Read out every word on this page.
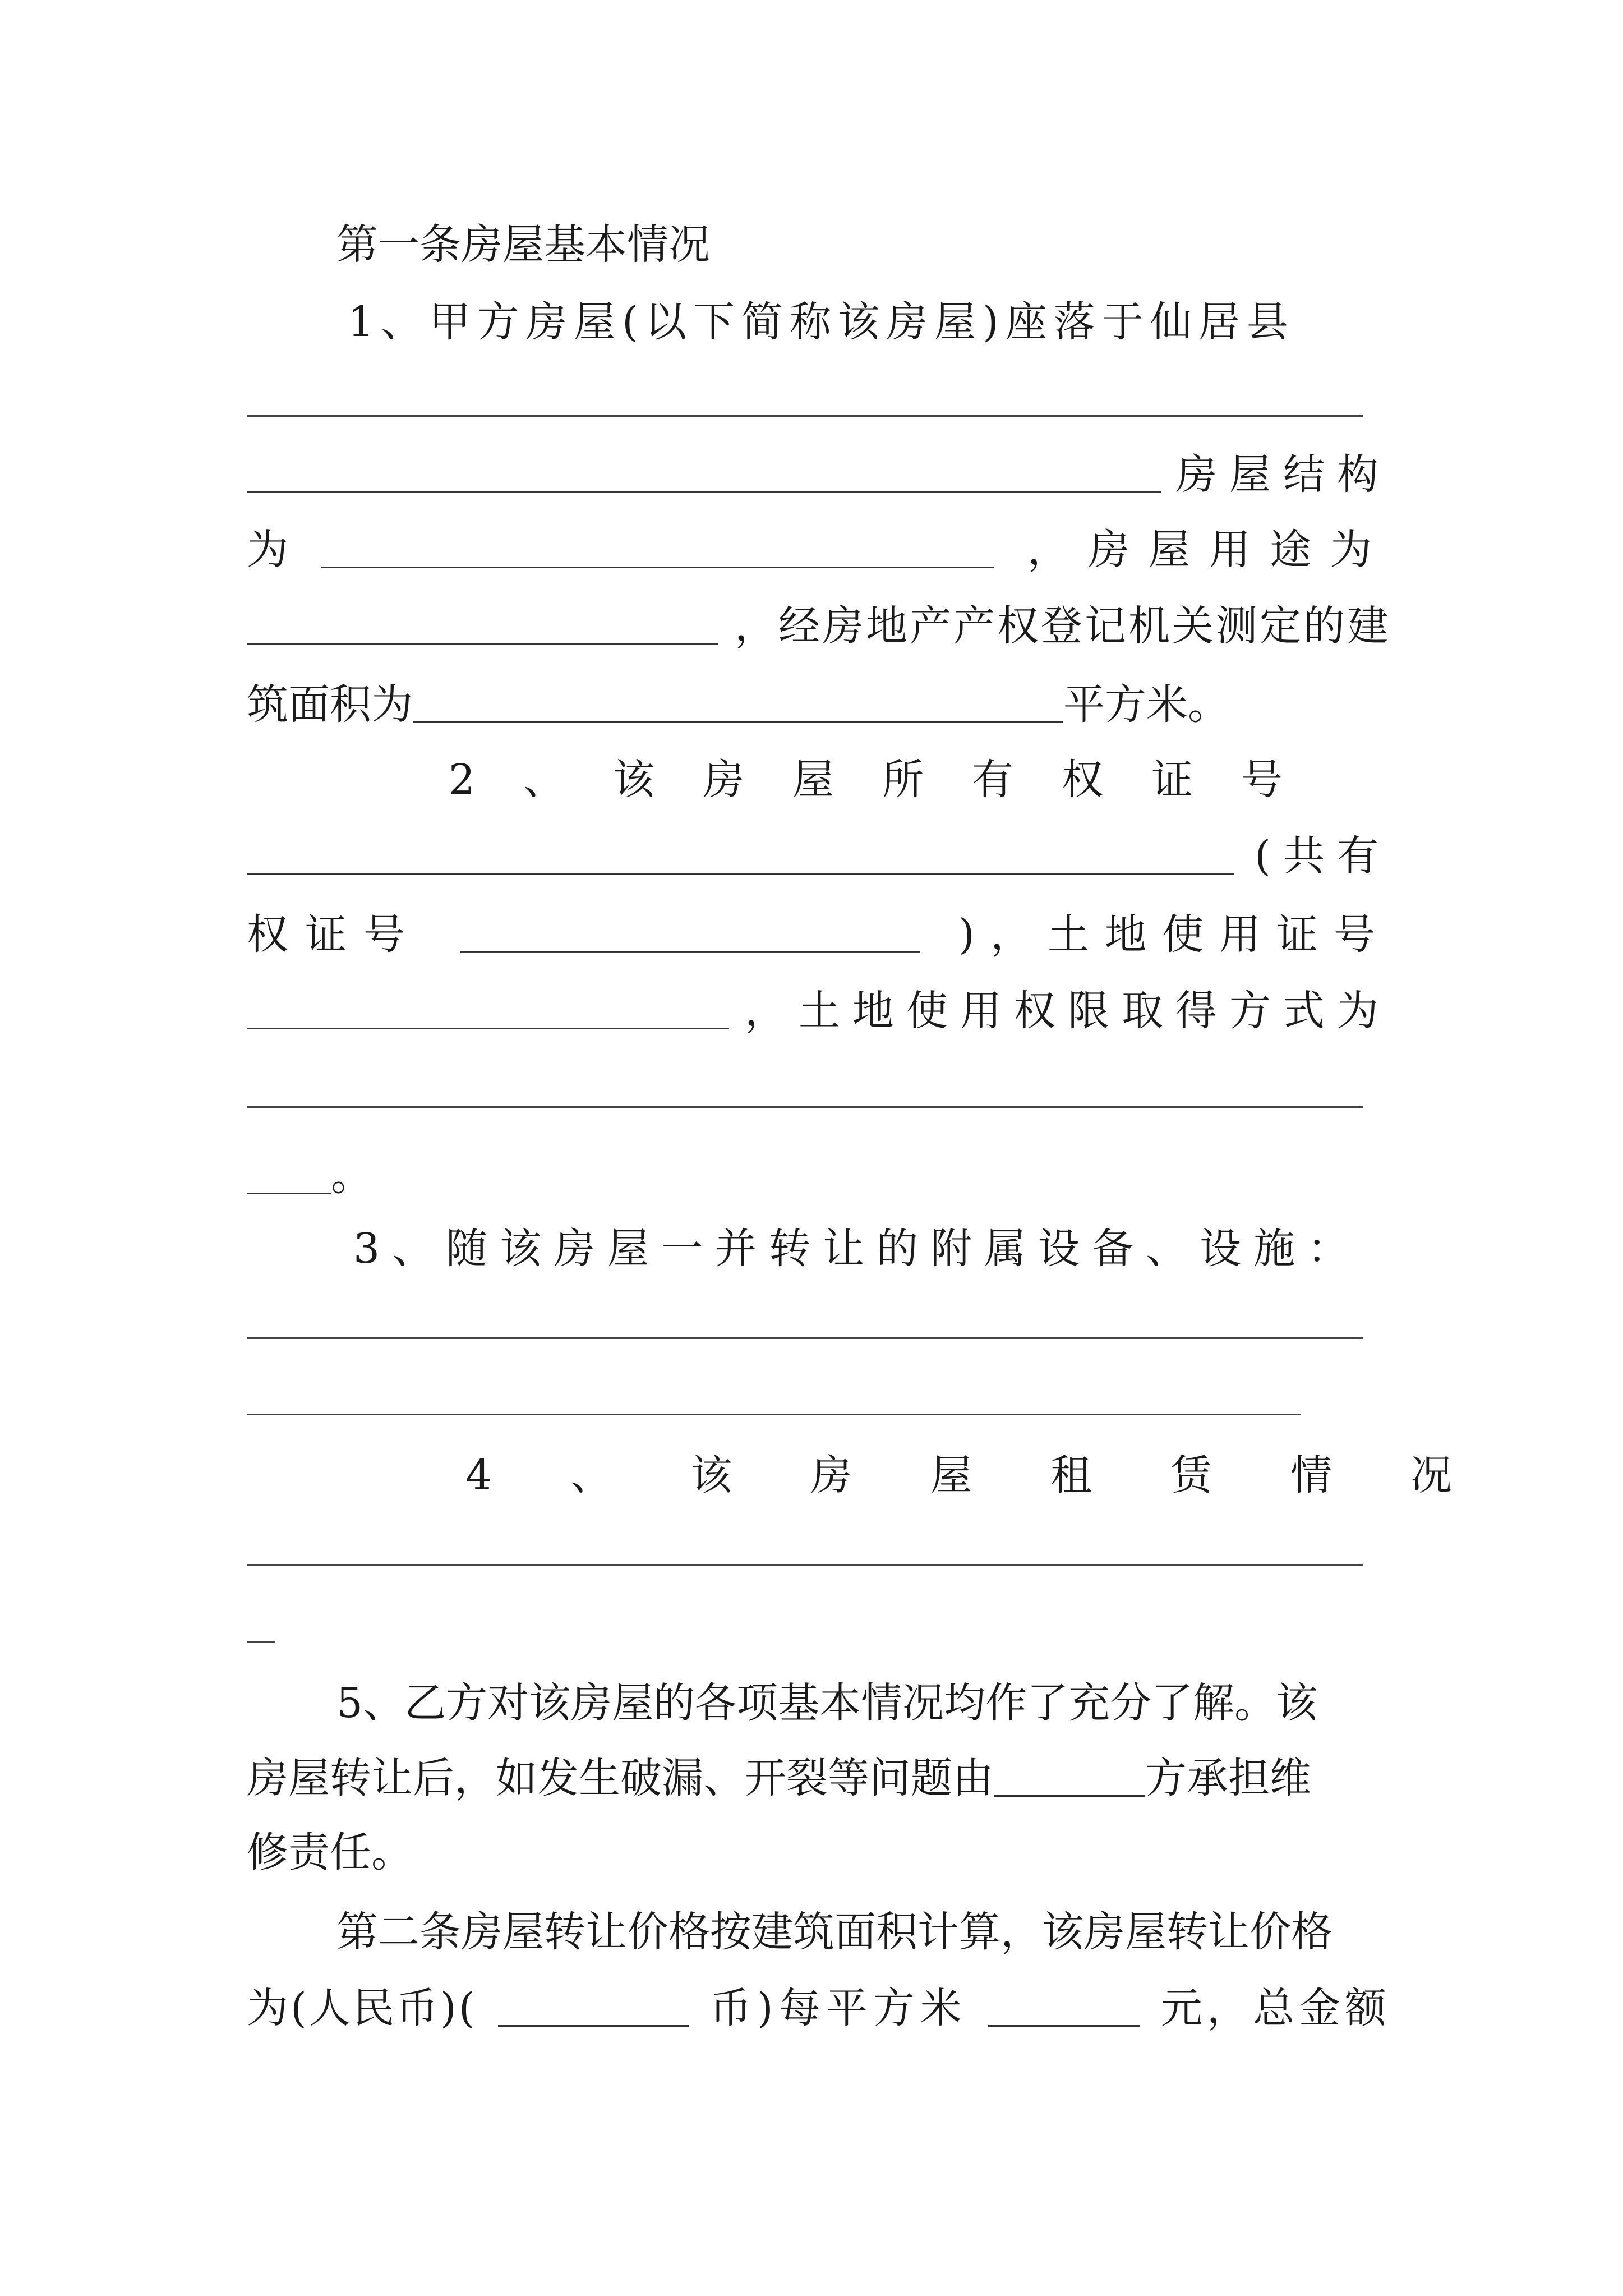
第一条房屋基本情况
1、甲方房屋(以下简称该房屋)座落于仙居县
房屋结构
为	，房屋用途为
，经房地产产权登记机关测定的建
筑面积为	平方米。
2、该房屋所有权证号
(共有
权证号	)，土地使用证号
，土地使用权限取得方式为
。
3、随该房屋一并转让的附属设备、设施：
4、该房屋租赁情况
5、乙方对该房屋的各项基本情况均作了充分了解。该
房屋转让后，如发生破漏、开裂等问题由	方承担维
修责任。
第二条房屋转让价格按建筑面积计算，该房屋转让价格
为(人民币)(	币)每平方米	元，总金额
